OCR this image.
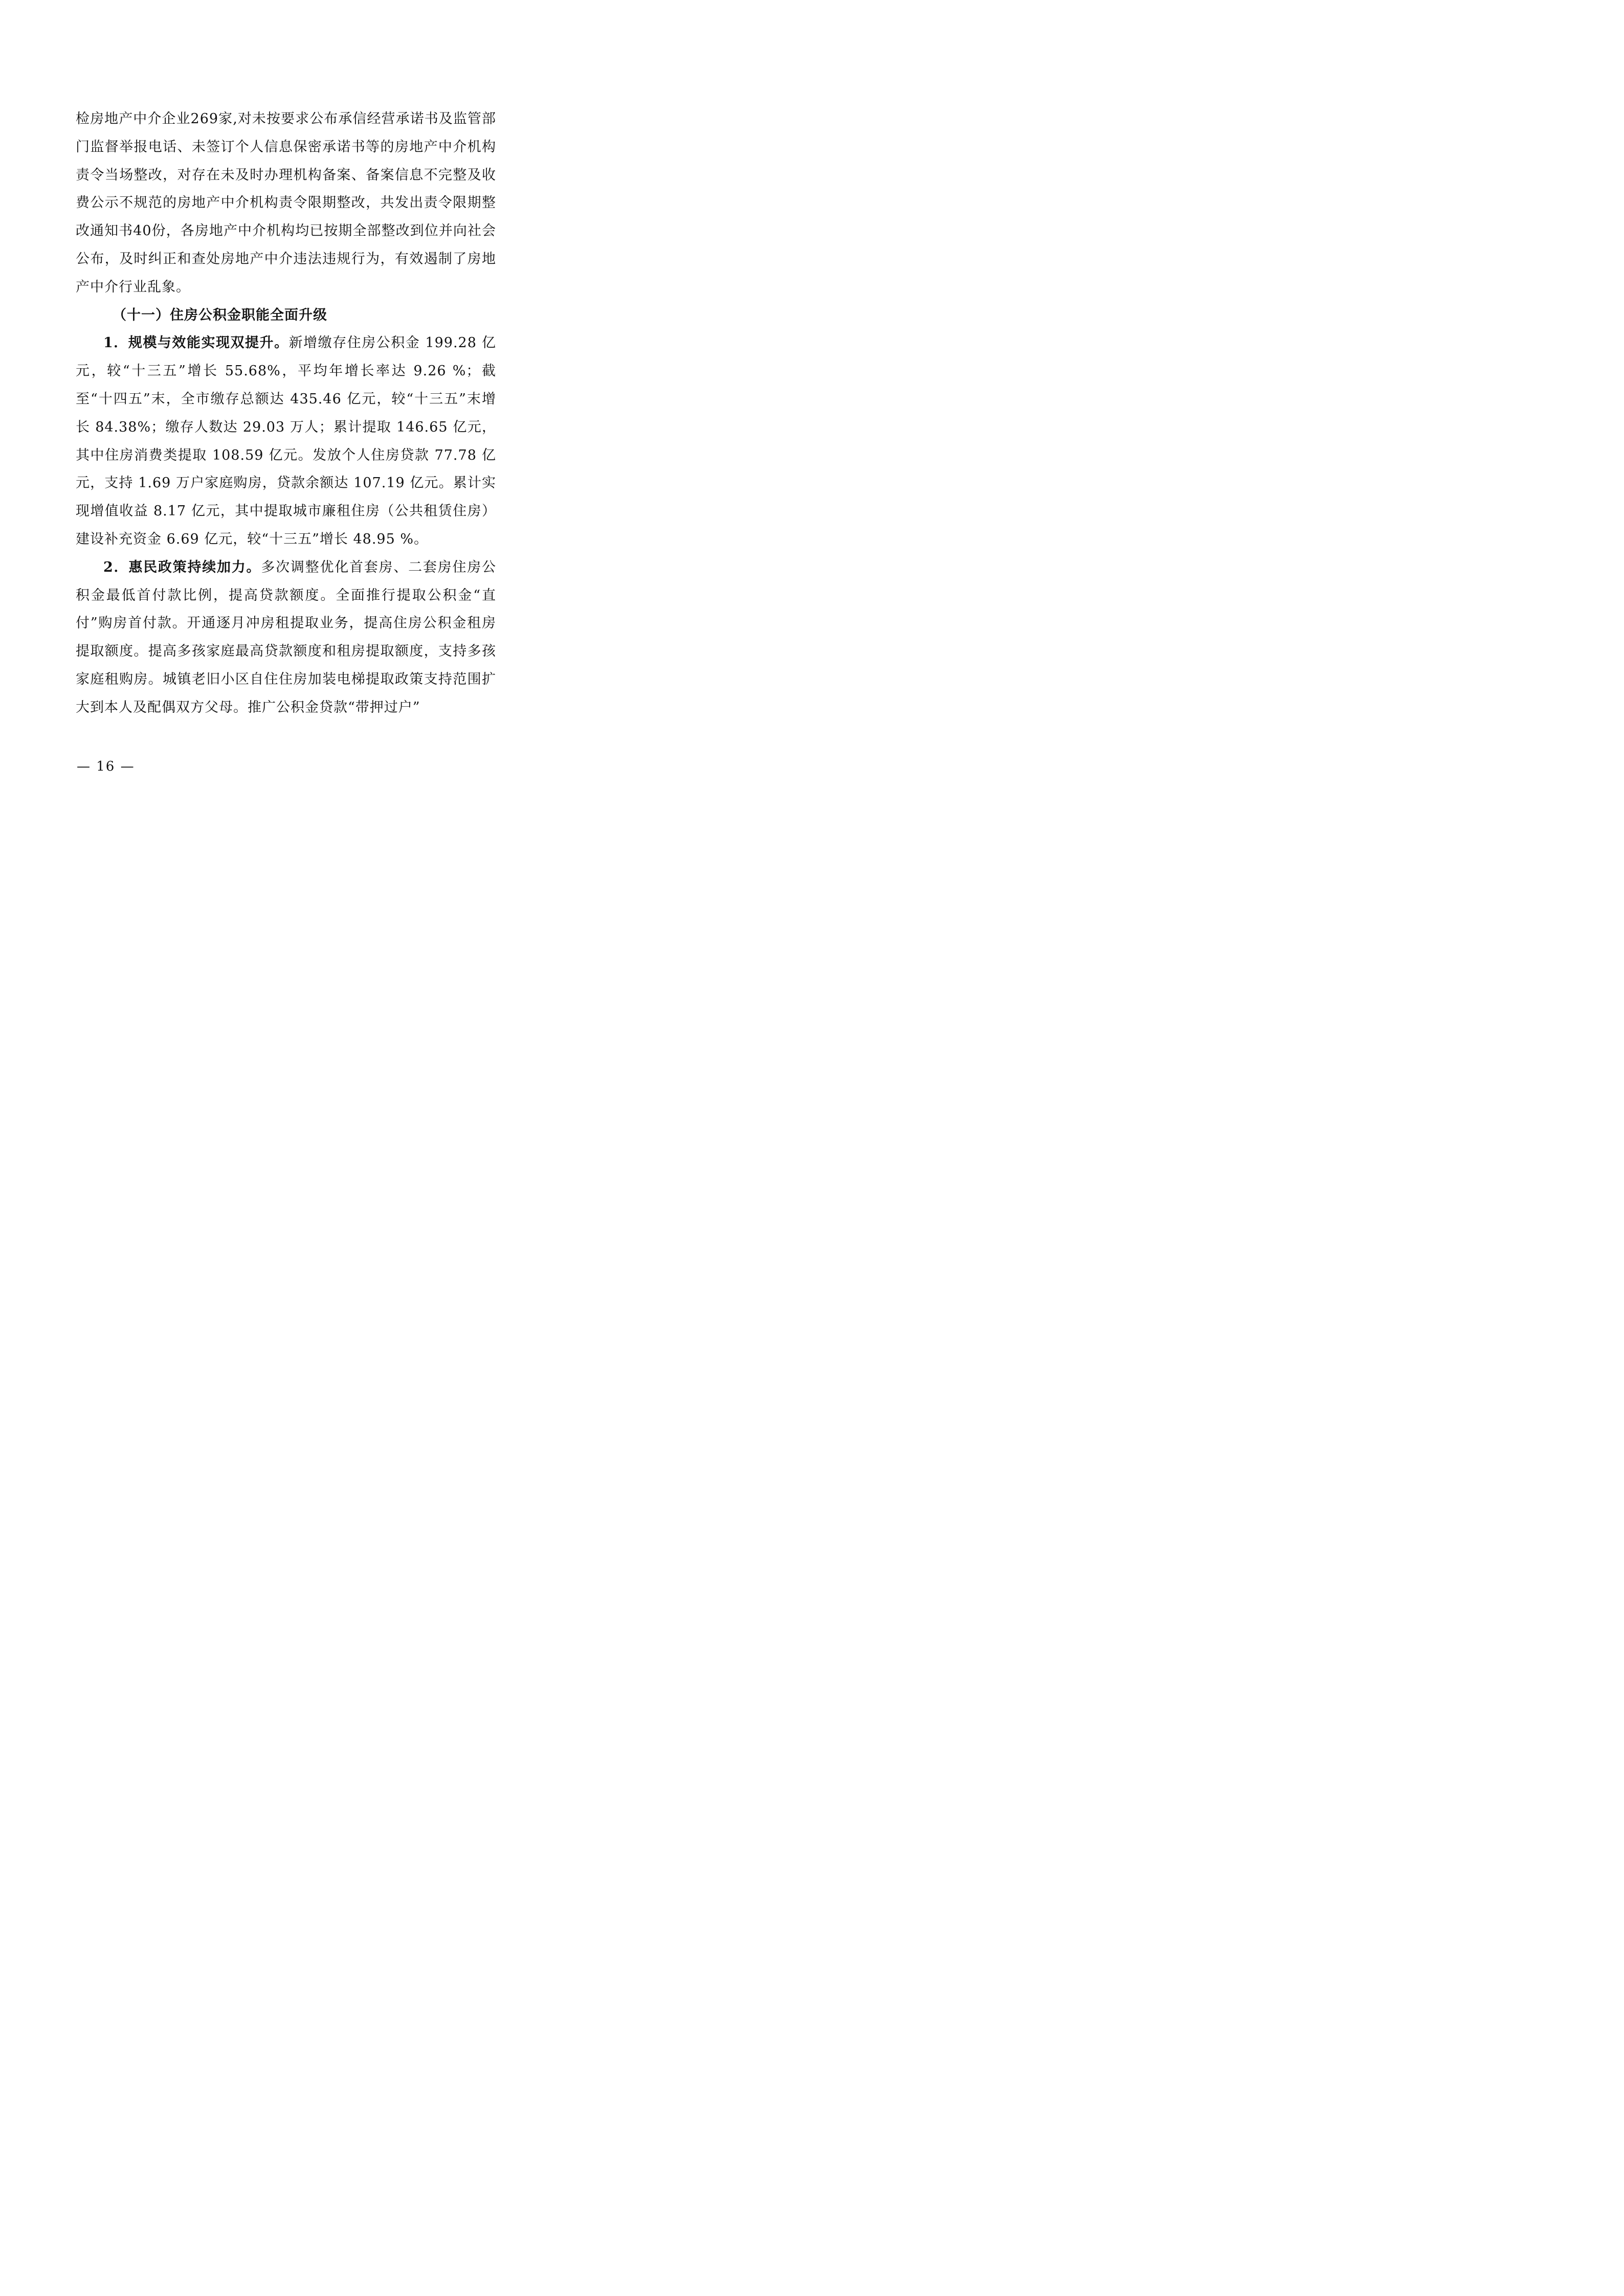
检房地产中介企业269家,对未按要求公布承信经营承诺书及监管部门监督举报电话、未签订个人信息保密承诺书等的房地产中介机构责令当场整改，对存在未及时办理机构备案、备案信息不完整及收费公示不规范的房地产中介机构责令限期整改，共发出责令限期整改通知书40份，各房地产中介机构均已按期全部整改到位并向社会公布，及时纠正和查处房地产中介违法违规行为，有效遏制了房地产中介行业乱象。

（十一）住房公积金职能全面升级

1．规模与效能实现双提升。新增缴存住房公积金 199.28 亿元，较“十三五”增长 55.68%，平均年增长率达 9.26 %；截至“十四五”末，全市缴存总额达 435.46 亿元，较“十三五”末增长 84.38%；缴存人数达 29.03 万人；累计提取 146.65 亿元，其中住房消费类提取 108.59 亿元。发放个人住房贷款 77.78 亿元，支持 1.69 万户家庭购房，贷款余额达 107.19 亿元。累计实现增值收益 8.17 亿元，其中提取城市廉租住房（公共租赁住房）建设补充资金 6.69 亿元，较“十三五”增长 48.95 %。

2．惠民政策持续加力。多次调整优化首套房、二套房住房公积金最低首付款比例，提高贷款额度。全面推行提取公积金“直付”购房首付款。开通逐月冲房租提取业务，提高住房公积金租房提取额度。提高多孩家庭最高贷款额度和租房提取额度，支持多孩家庭租购房。城镇老旧小区自住住房加装电梯提取政策支持范围扩大到本人及配偶双方父母。推广公积金贷款“带押过户”

— 16 —
